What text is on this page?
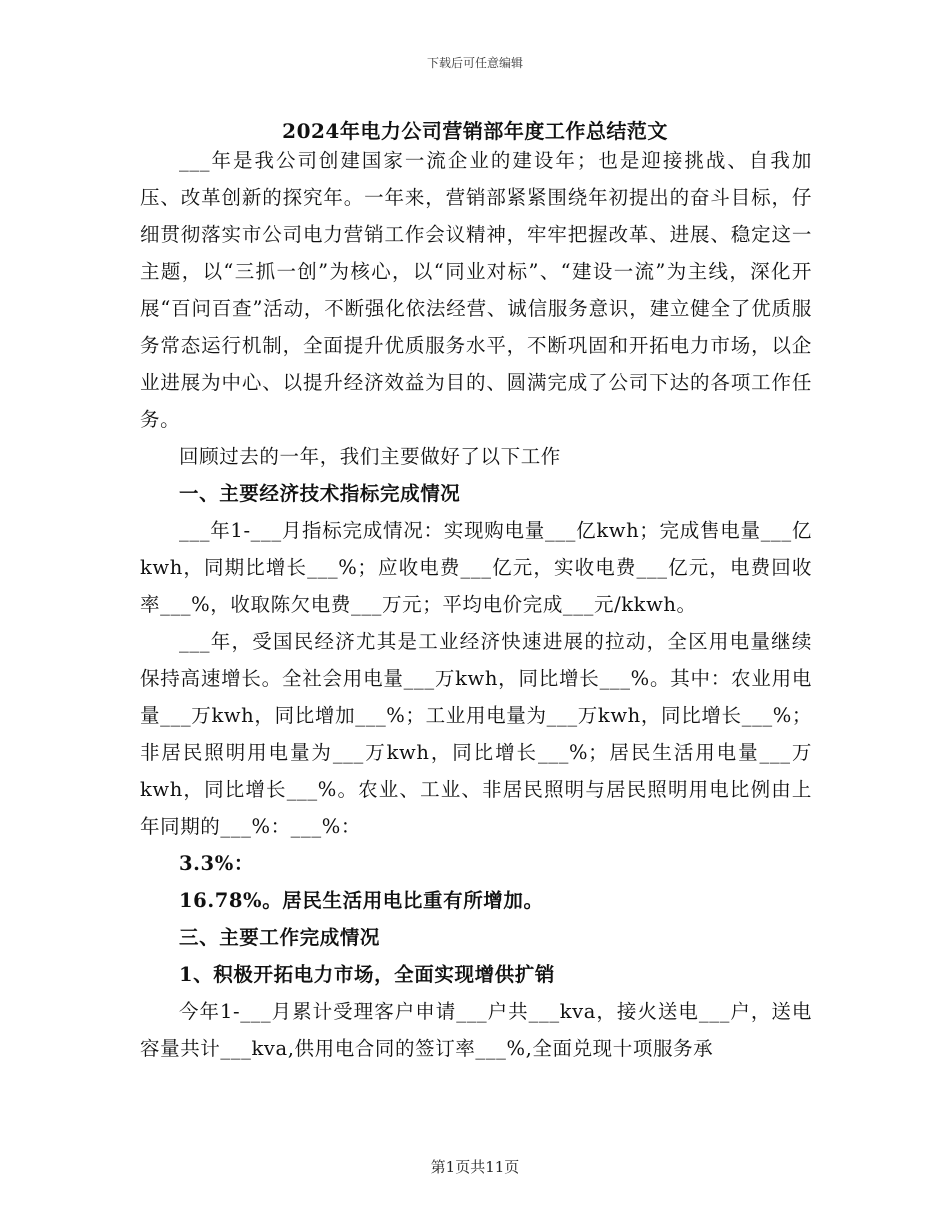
下载后可任意编辑
2024年电力公司营销部年度工作总结范文

___年是我公司创建国家一流企业的建设年；也是迎接挑战、自我加压、改革创新的探究年。一年来，营销部紧紧围绕年初提出的奋斗目标，仔细贯彻落实市公司电力营销工作会议精神，牢牢把握改革、进展、稳定这一主题，以“三抓一创”为核心，以“同业对标”、“建设一流”为主线，深化开展“百问百查”活动，不断强化依法经营、诚信服务意识，建立健全了优质服务常态运行机制，全面提升优质服务水平，不断巩固和开拓电力市场，以企业进展为中心、以提升经济效益为目的、圆满完成了公司下达的各项工作任务。

回顾过去的一年，我们主要做好了以下工作

一、主要经济技术指标完成情况

___年1-___月指标完成情况：实现购电量___亿kwh；完成售电量___亿kwh，同期比增长___%；应收电费___亿元，实收电费___亿元，电费回收率___%，收取陈欠电费___万元；平均电价完成___元/kkwh。

___年，受国民经济尤其是工业经济快速进展的拉动，全区用电量继续保持高速增长。全社会用电量___万kwh，同比增长___%。其中：农业用电量___万kwh，同比增加___%；工业用电量为___万kwh，同比增长___%；非居民照明用电量为___万kwh，同比增长___%；居民生活用电量___万kwh，同比增长___%。农业、工业、非居民照明与居民照明用电比例由上年同期的___%：___%：

3.3%：

16.78%。居民生活用电比重有所增加。

三、主要工作完成情况

1、积极开拓电力市场，全面实现增供扩销

今年1-___月累计受理客户申请___户共___kva，接火送电___户，送电容量共计___kva,供用电合同的签订率___%,全面兑现十项服务承

第1页共11页
